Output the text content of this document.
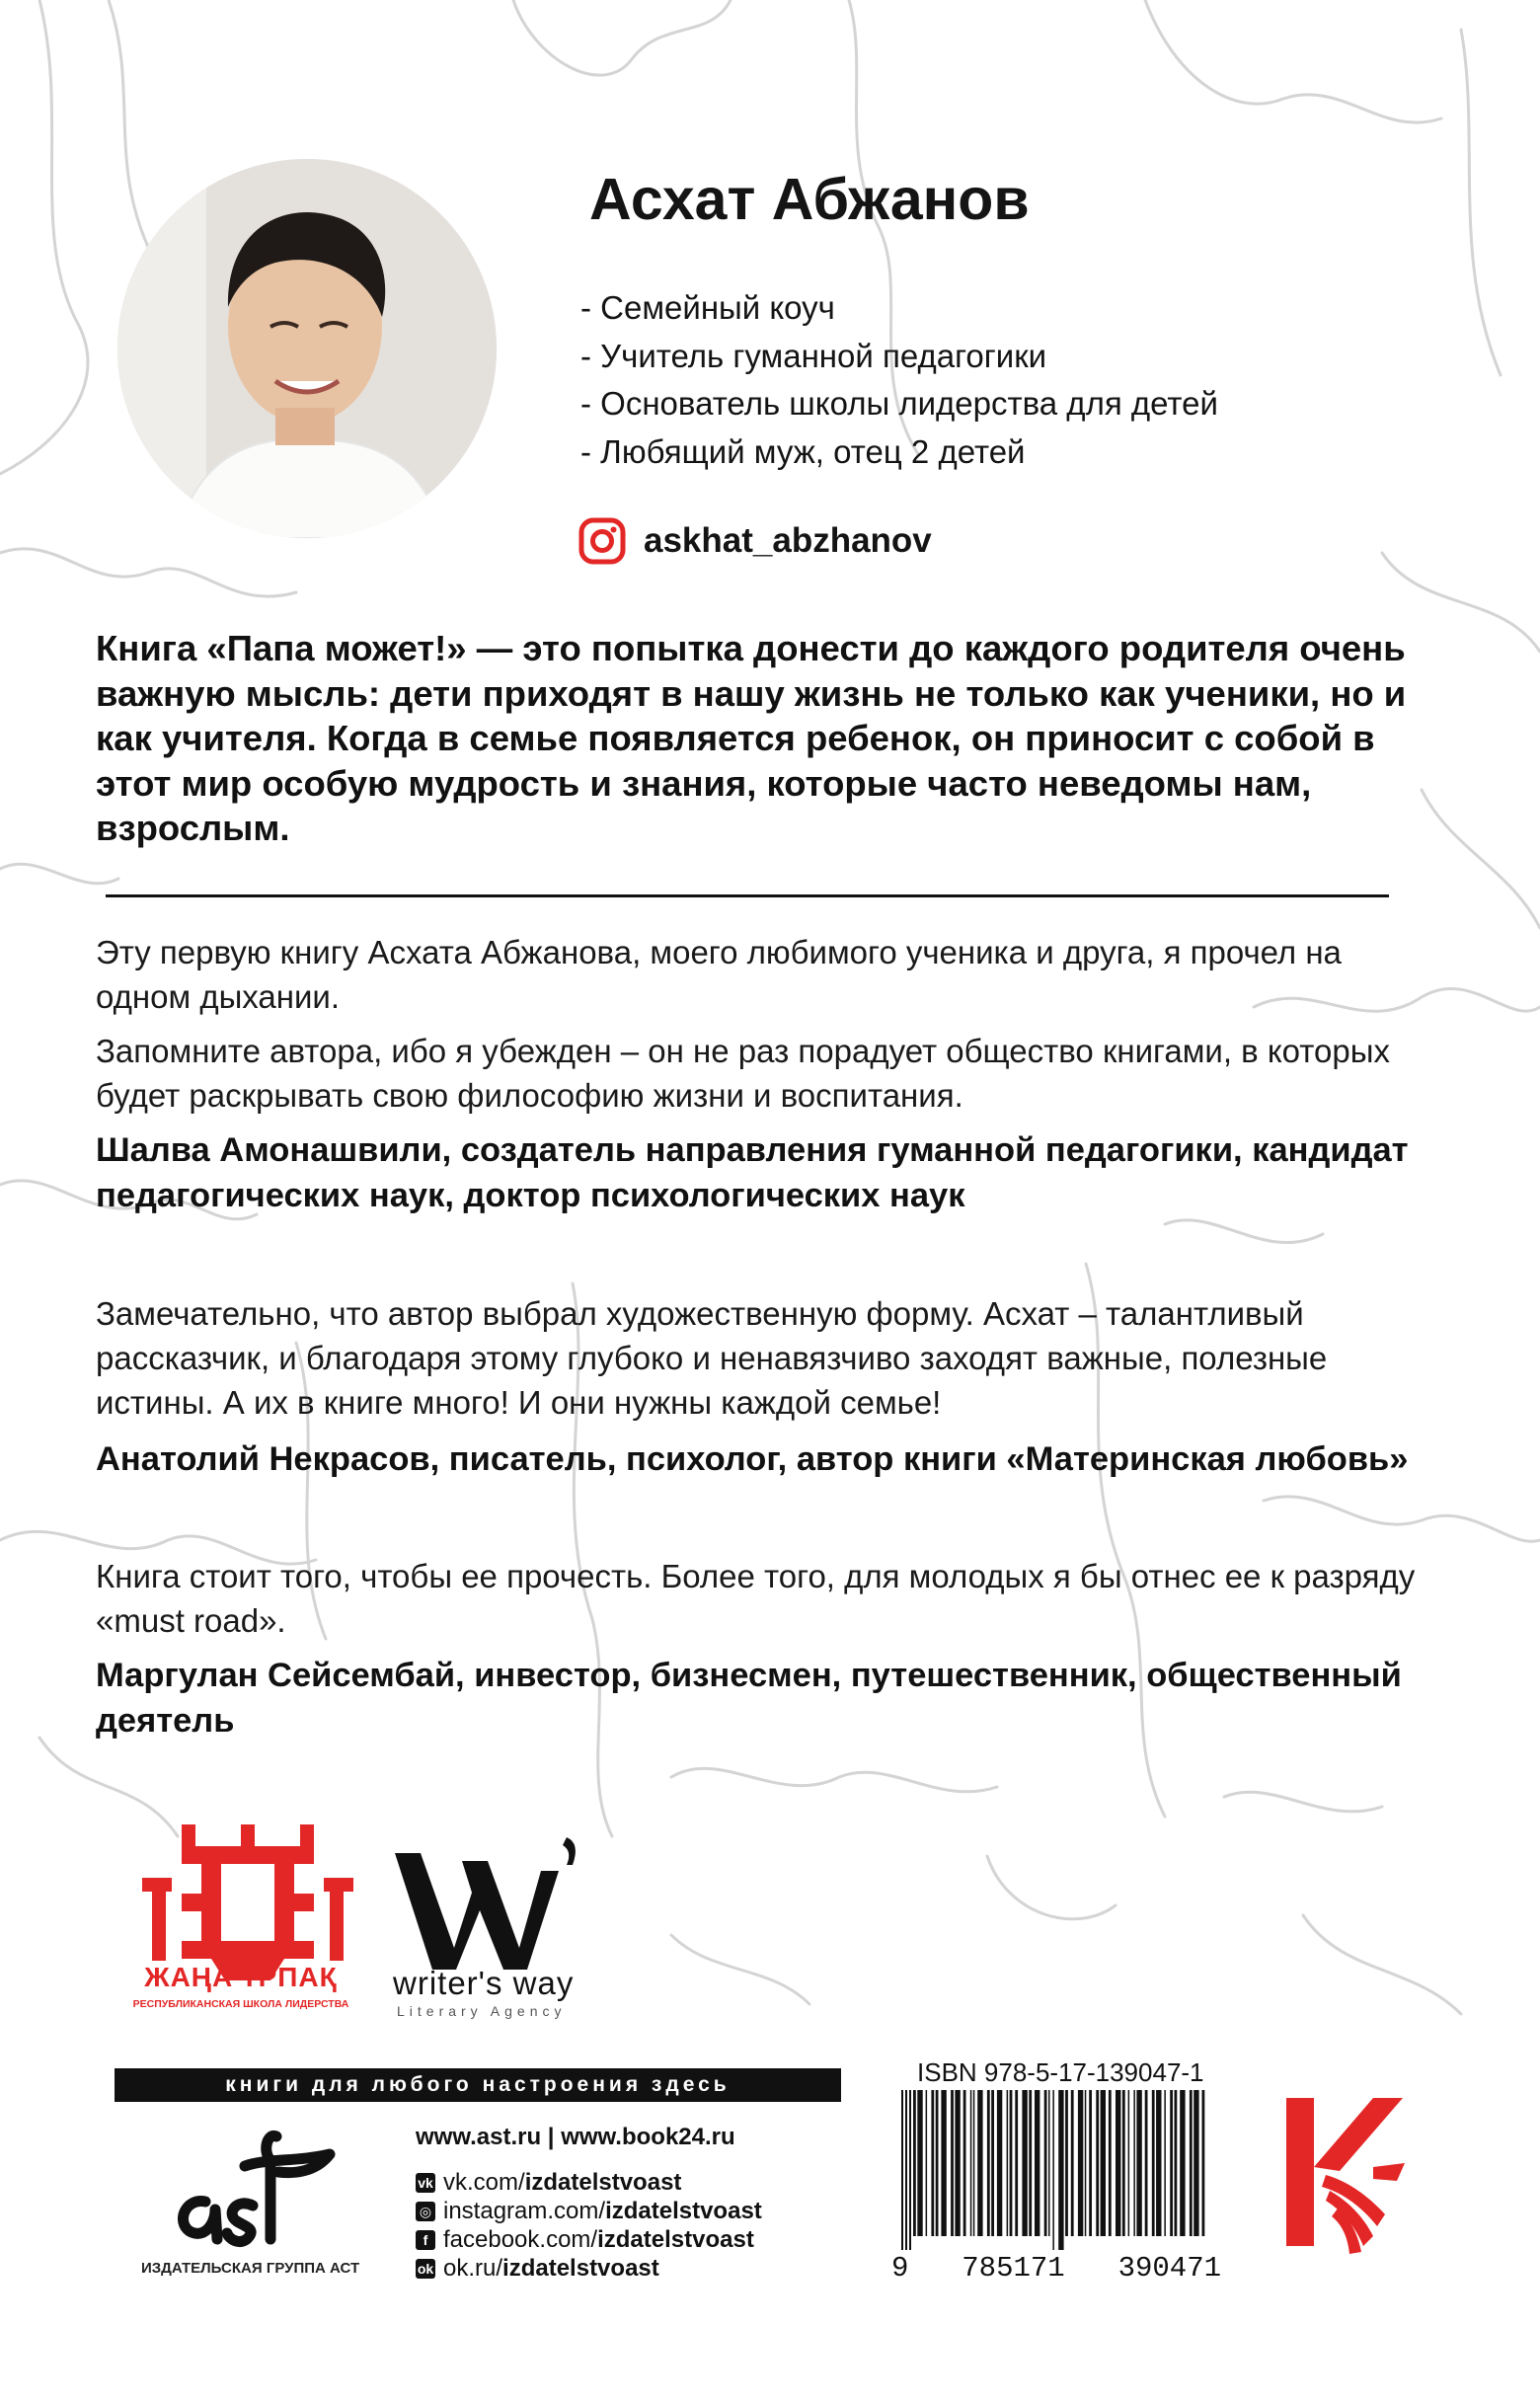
Асхат Абжанов
- Семейный коуч
- Учитель гуманной педагогики
- Основатель школы лидерства для детей
- Любящий муж, отец 2 детей
askhat_abzhanov

Книга «Папа может!» — это попытка донести до каждого родителя очень важную мысль: дети приходят в нашу жизнь не только как ученики, но и как учителя. Когда в семье появляется ребенок, он приносит с собой в этот мир особую мудрость и знания, которые часто неведомы нам, взрослым.

Эту первую книгу Асхата Абжанова, моего любимого ученика и друга, я прочел на одном дыхании.

Запомните автора, ибо я убежден – он не раз порадует общество книгами, в которых будет раскрывать свою философию жизни и воспитания.

Шалва Амонашвили, создатель направления гуманной педагогики, кандидат педагогических наук, доктор психологических наук

Замечательно, что автор выбрал художественную форму. Асхат – талантливый рассказчик, и благодаря этому глубоко и ненавязчиво заходят важные, полезные истины. А их в книге много! И они нужны каждой семье!

Анатолий Некрасов, писатель, психолог, автор книги «Материнская любовь»

Книга стоит того, чтобы ее прочесть. Более того, для молодых я бы отнес ее к разряду «must road».

Маргулан Сейсембай, инвестор, бизнесмен, путешественник, общественный деятель

ЖАҢА ҰРПАҚ
РЕСПУБЛИКАНСКАЯ ШКОЛА ЛИДЕРСТВА
writer's way
Literary Agency
книги для любого настроения здесь
ИЗДАТЕЛЬСКАЯ ГРУППА АСТ
www.ast.ru | www.book24.ru
vk vk.com/izdatelstvoast
◎ instagram.com/izdatelstvoast
f facebook.com/izdatelstvoast
ok ok.ru/izdatelstvoast
ISBN 978-5-17-139047-1
9 785171 390471
